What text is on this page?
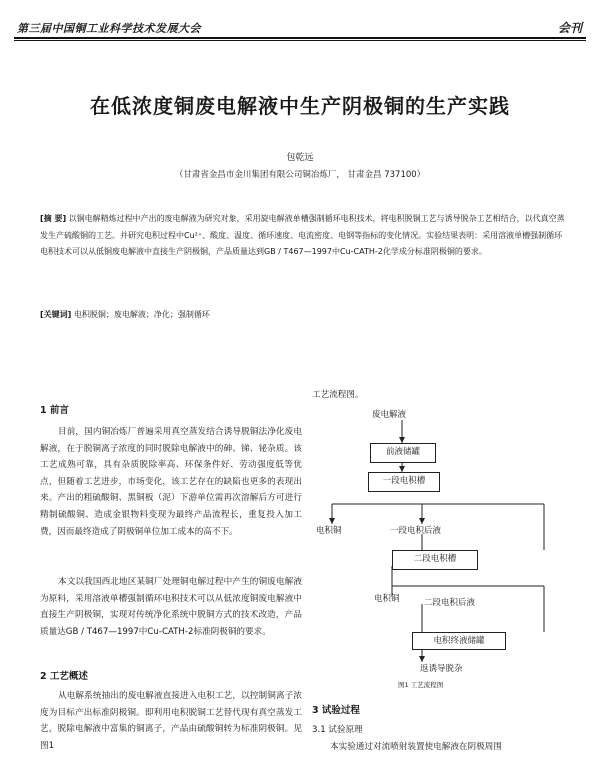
第三届中国铜工业科学技术发展大会	会刊
在低浓度铜废电解液中生产阴极铜的生产实践
包乾远
（甘肃省金昌市金川集团有限公司铜冶炼厂， 甘肃金昌 737100）
[摘 要] 以铜电解精炼过程中产出的废电解液为研究对象，采用旋电解液单槽强制循环电积技术，将电积脱铜工艺与诱导脱杂工艺相结合，以代真空蒸发生产硫酸铜的工艺。并研究电积过程中Cu²⁺、酸度、温度、循环速度、电流密度、电钢等指标的变化情况。实验结果表明：采用溶液单槽强制循环电积技术可以从低铜废电解液中直接生产阴极铜，产品质量达到GB / T467—1997中Cu-CATH-2化学成分标准阴极铜的要求。
[关键词] 电积脱铜；废电解液；净化；强制循环
1 前言

目前，国内铜冶炼厂普遍采用真空蒸发结合诱导脱铜法净化废电解液，在于脱铜离子浓度的同时脱除电解液中的砷、锑、铋杂质。该工艺成熟可靠，具有杂质脱除率高、环保条件好、劳动强度低等优点，但随着工艺进步，市场变化，该工艺存在的缺陷也更多的表现出来。产出的粗硫酸铜、黑铜板（泥）下游单位需再次溶解后方可进行精制硫酸铜、造成金银物料变现为最终产品流程长，重复投入加工费，因而最终造成了阴极铜单位加工成本的高不下。

本文以我国西北地区某铜厂处理铜电解过程中产生的铜废电解液为原料，采用溶液单槽强制循环电积技术可以从低浓度铜废电解液中直接生产阴极铜，实现对传统净化系统中脱铜方式的技术改造，产品质量达GB / T467—1997中Cu-CATH-2标准阴极铜的要求。

2 工艺概述

从电解系统抽出的废电解液直接进入电积工艺，以控制铜离子浓度为目标产出标准阴极铜。即利用电积脱铜工艺替代现有真空蒸发工艺，脱除电解液中富集的铜离子，产品由硫酸铜转为标准阴极铜。见图1

工艺流程图。
废电解液
前液储罐
一段电积槽
电积铜	一段电积后液
二段电积槽
电积铜	二段电积后液
电积终液储罐
返诱导脱杂
图1 工艺流程图
3 试验过程
3.1 试验原理
本实验通过对流喷射装置使电解液在阴极周围
